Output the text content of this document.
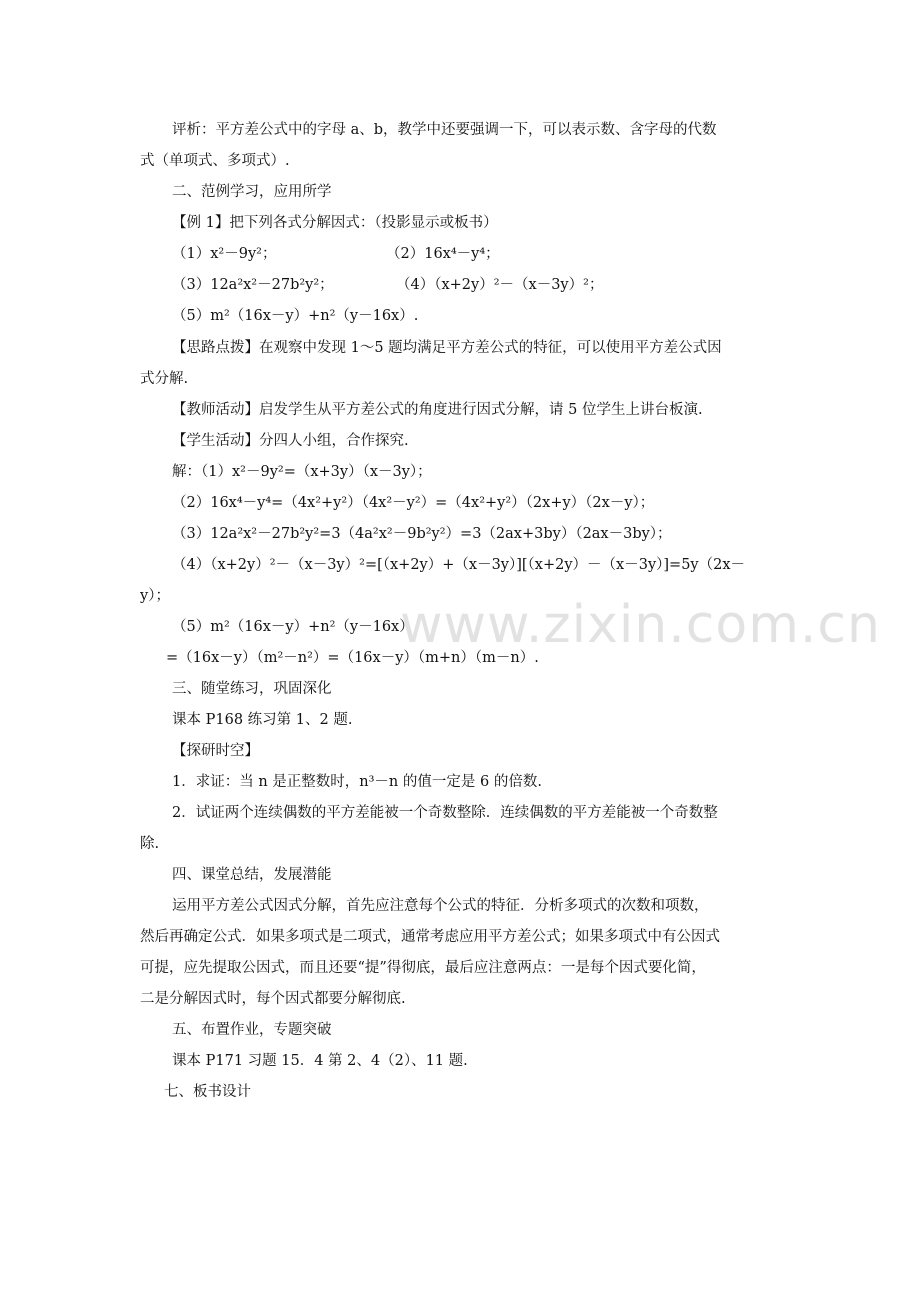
评析：平方差公式中的字母 a、b，教学中还要强调一下，可以表示数、含字母的代数
式（单项式、多项式）.
二、范例学习，应用所学
【例 1】把下列各式分解因式：（投影显示或板书）
（1）x²－9y²；	（2）16x⁴－y⁴；
（3）12a²x²－27b²y²；	（4）（x+2y）²－（x－3y）²；
（5）m²（16x－y）+n²（y－16x）.
【思路点拨】在观察中发现 1～5 题均满足平方差公式的特征，可以使用平方差公式因
式分解.
【教师活动】启发学生从平方差公式的角度进行因式分解，请 5 位学生上讲台板演.
【学生活动】分四人小组，合作探究.
解：（1）x²－9y²=（x+3y）（x－3y）；
（2）16x⁴－y⁴=（4x²+y²）（4x²－y²）=（4x²+y²）（2x+y）（2x－y）；
（3）12a²x²－27b²y²=3（4a²x²－9b²y²）=3（2ax+3by）（2ax－3by）；
（4）（x+2y）²－（x－3y）²=[（x+2y）+（x－3y）][（x+2y）－（x－3y）]=5y（2x－
y）；
（5）m²（16x－y）+n²（y－16x）
=（16x－y）（m²－n²）=（16x－y）（m+n）（m－n）.
三、随堂练习，巩固深化
课本 P168 练习第 1、2 题.
【探研时空】
1．求证：当 n 是正整数时，n³－n 的值一定是 6 的倍数.
2．试证两个连续偶数的平方差能被一个奇数整除．连续偶数的平方差能被一个奇数整
除.
四、课堂总结，发展潜能
运用平方差公式因式分解，首先应注意每个公式的特征．分析多项式的次数和项数，
然后再确定公式．如果多项式是二项式，通常考虑应用平方差公式；如果多项式中有公因式
可提，应先提取公因式，而且还要“提”得彻底，最后应注意两点：一是每个因式要化简，
二是分解因式时，每个因式都要分解彻底.
五、布置作业，专题突破
课本 P171 习题 15．4 第 2、4（2）、11 题.
七、板书设计
www.zixin.com.cn
